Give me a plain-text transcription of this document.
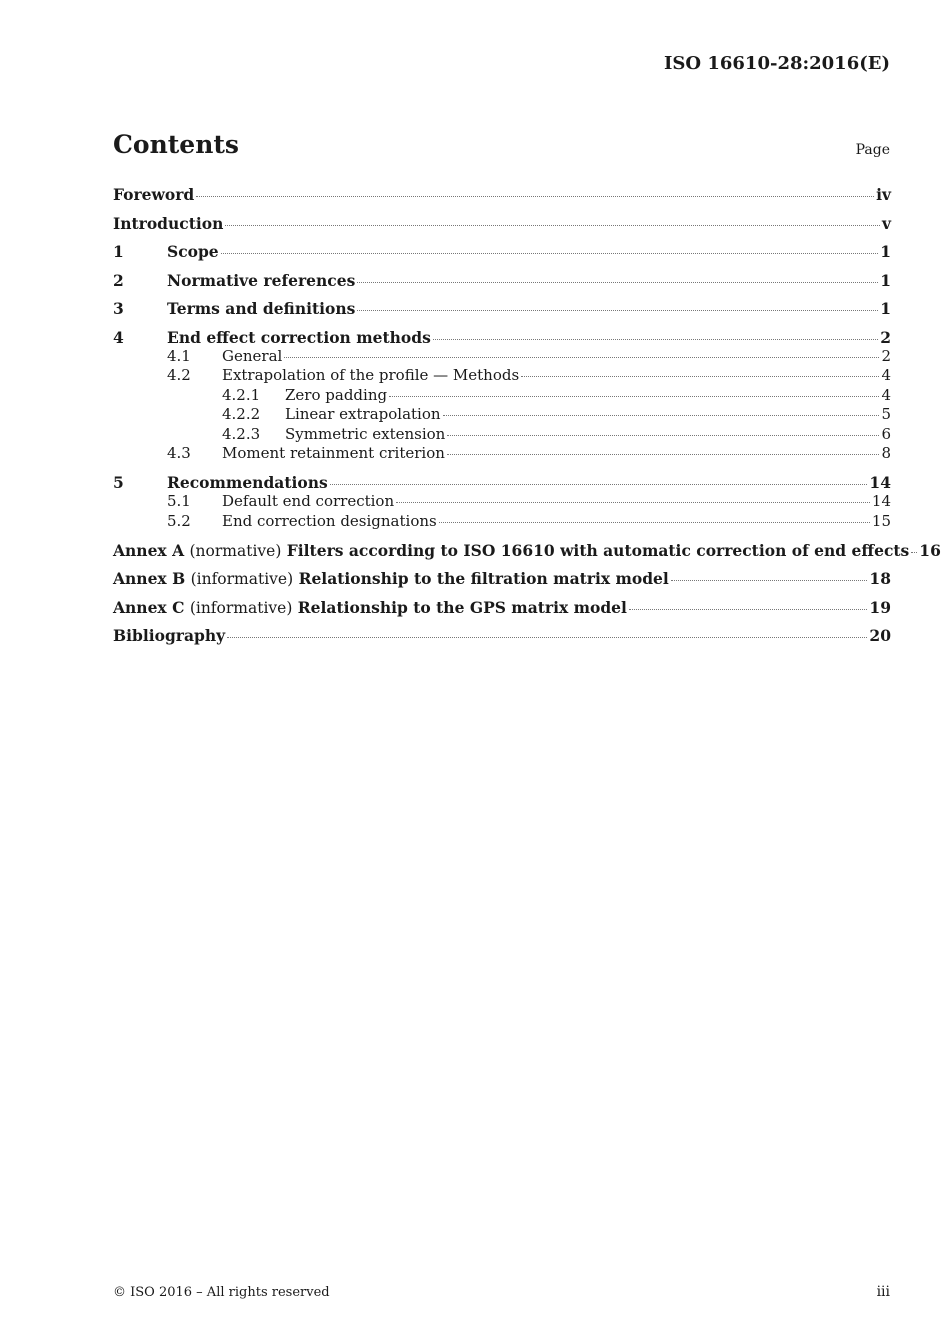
ISO 16610-28:2016(E)
Contents	Page
Foreword	iv
Introduction	v
1	Scope	1
2	Normative references	1
3	Terms and definitions	1
4	End effect correction methods	2
4.1	General	2
4.2	Extrapolation of the profile — Methods	4
4.2.1	Zero padding	4
4.2.2	Linear extrapolation	5
4.2.3	Symmetric extension	6
4.3	Moment retainment criterion	8
5	Recommendations	14
5.1	Default end correction	14
5.2	End correction designations	15
Annex A (normative) Filters according to ISO 16610 with automatic correction of end effects 16
Annex B (informative) Relationship to the filtration matrix model	18
Annex C (informative) Relationship to the GPS matrix model	19
Bibliography	20
© ISO 2016 – All rights reserved	iii
